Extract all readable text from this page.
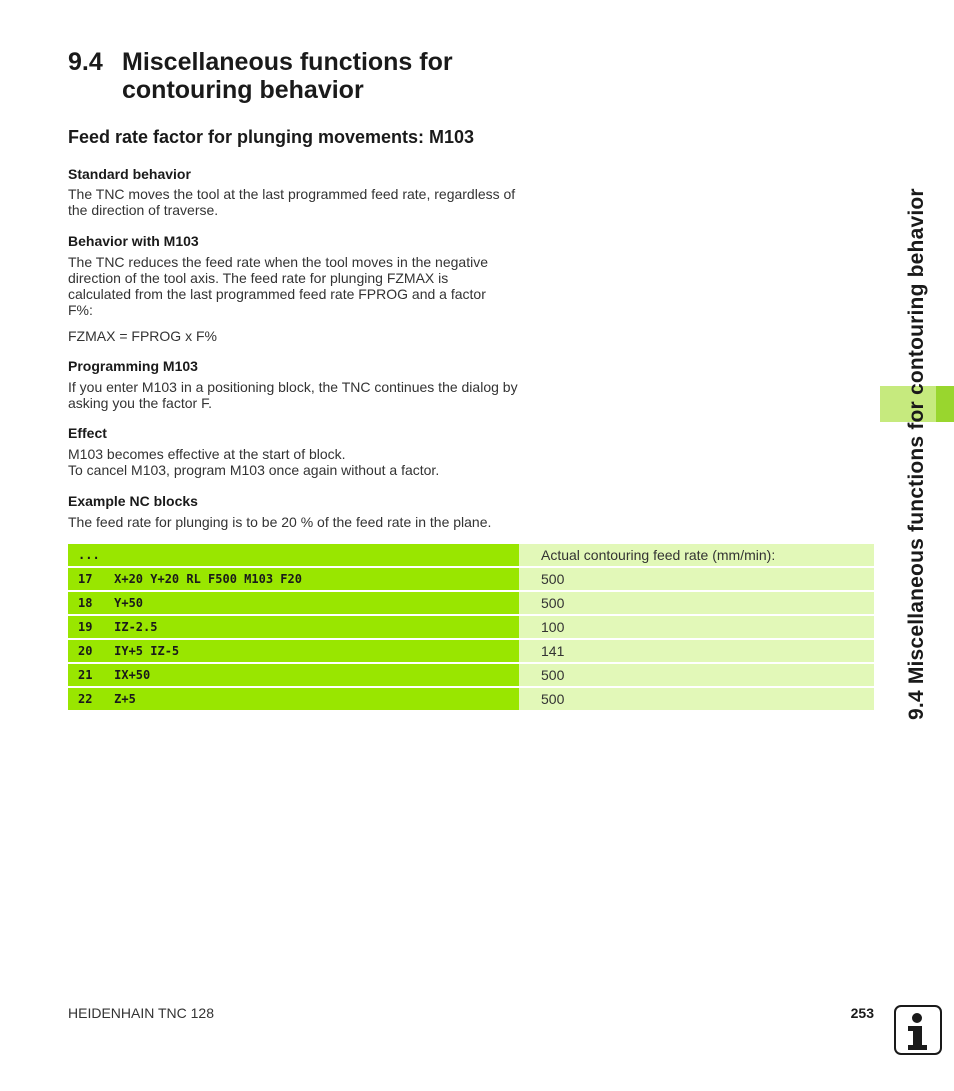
9.4 Miscellaneous functions for contouring behavior
Feed rate factor for plunging movements: M103
Standard behavior
The TNC moves the tool at the last programmed feed rate, regardless of the direction of traverse.
Behavior with M103
The TNC reduces the feed rate when the tool moves in the negative direction of the tool axis. The feed rate for plunging FZMAX is calculated from the last programmed feed rate FPROG and a factor F%:
FZMAX = FPROG x F%
Programming M103
If you enter M103 in a positioning block, the TNC continues the dialog by asking you the factor F.
Effect
M103 becomes effective at the start of block.
To cancel M103, program M103 once again without a factor.
Example NC blocks
The feed rate for plunging is to be 20 % of the feed rate in the plane.
...	Actual contouring feed rate (mm/min):
17   X+20 Y+20 RL F500 M103 F20	500
18   Y+50	500
19   IZ-2.5	100
20   IY+5 IZ-5	141
21   IX+50	500
22   Z+5	500	9.4 Miscellaneous functions for contouring behavior
HEIDENHAIN TNC 128	253
